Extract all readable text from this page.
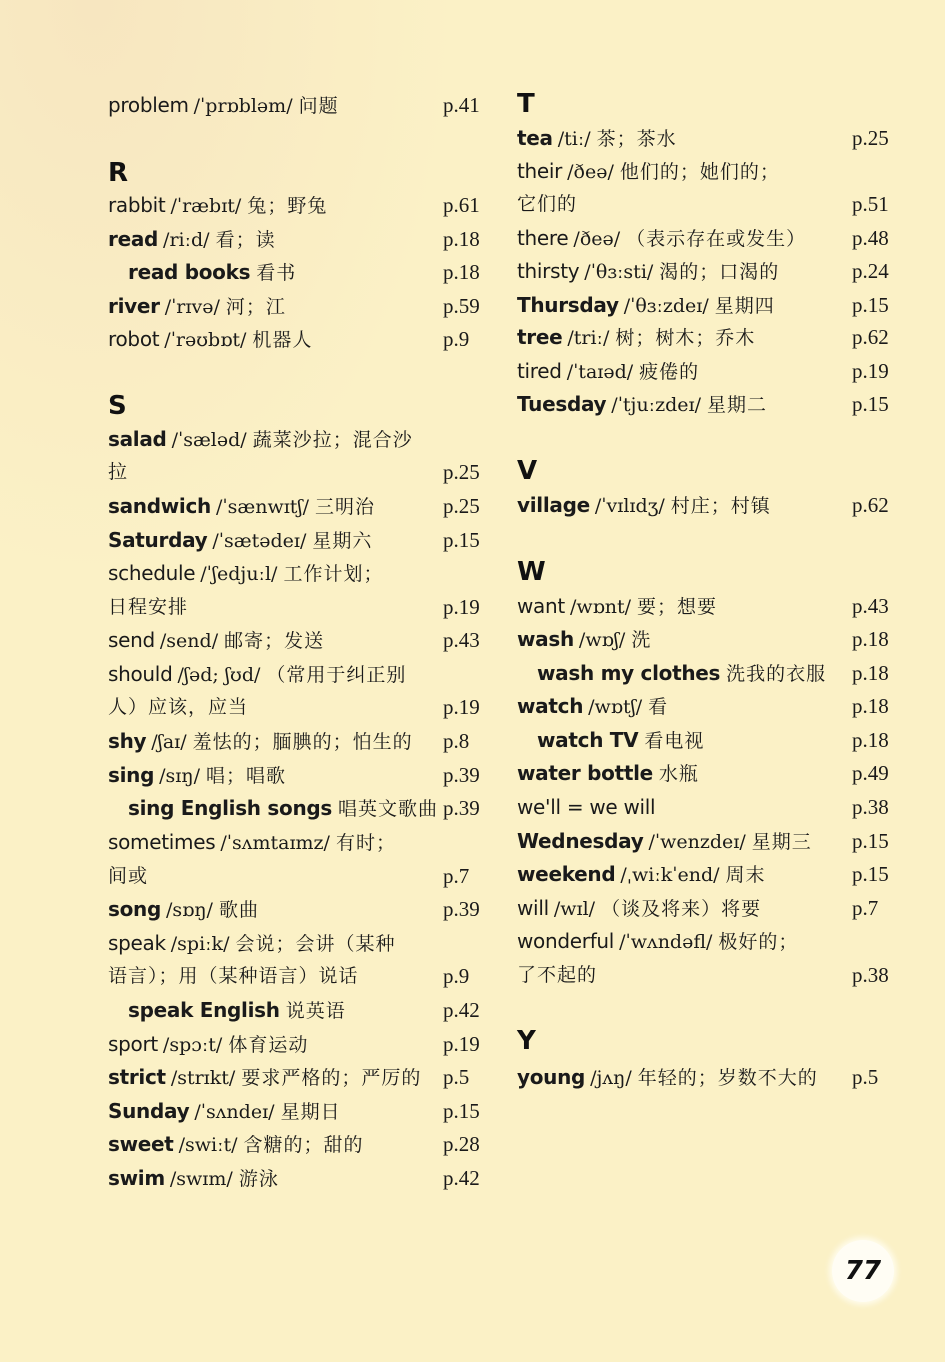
problem /ˈprɒbləm/ 问题	p.41
R
rabbit /ˈræbɪt/ 兔；野兔	p.61
read /riːd/ 看；读	p.18
read books 看书	p.18
river /ˈrɪvə/ 河；江	p.59
robot /ˈrəʊbɒt/ 机器人	p.9
S
salad /ˈsæləd/ 蔬菜沙拉；混合沙
拉	p.25
sandwich /ˈsænwɪtʃ/ 三明治	p.25
Saturday /ˈsætədeɪ/ 星期六	p.15
schedule /ˈʃedjuːl/ 工作计划；
日程安排	p.19
send /send/ 邮寄；发送	p.43
should /ʃəd; ʃʊd/ （常用于纠正别
人）应该，应当	p.19
shy /ʃaɪ/ 羞怯的；腼腆的；怕生的 p.8
sing /sɪŋ/ 唱；唱歌	p.39
sing English songs 唱英文歌曲 p.39
sometimes /ˈsʌmtaɪmz/ 有时；
间或	p.7
song /sɒŋ/ 歌曲	p.39
speak /spiːk/ 会说；会讲（某种
语言）；用（某种语言）说话	p.9
speak English 说英语	p.42
sport /spɔːt/ 体育运动	p.19
strict /strɪkt/ 要求严格的；严厉的 p.5
Sunday /ˈsʌndeɪ/ 星期日	p.15
sweet /swiːt/ 含糖的；甜的	p.28
swim /swɪm/ 游泳	p.42
T
tea /tiː/ 茶；茶水	p.25
their /ðeə/ 他们的；她们的；
它们的	p.51
there /ðeə/ （表示存在或发生） p.48
thirsty /ˈθɜːsti/ 渴的；口渴的	p.24
Thursday /ˈθɜːzdeɪ/ 星期四	p.15
tree /triː/ 树；树木；乔木	p.62
tired /ˈtaɪəd/ 疲倦的	p.19
Tuesday /ˈtjuːzdeɪ/ 星期二	p.15
V
village /ˈvɪlɪdʒ/ 村庄；村镇	p.62
W
want /wɒnt/ 要；想要	p.43
wash /wɒʃ/ 洗	p.18
wash my clothes 洗我的衣服 p.18
watch /wɒtʃ/ 看	p.18
watch TV 看电视	p.18
water bottle 水瓶	p.49
we'll = we will	p.38
Wednesday /ˈwenzdeɪ/ 星期三 p.15
weekend /ˌwiːkˈend/ 周末	p.15
will /wɪl/ （谈及将来）将要	p.7
wonderful /ˈwʌndəfl/ 极好的；
了不起的	p.38
Y
young /jʌŋ/ 年轻的；岁数不大的 p.5
77
